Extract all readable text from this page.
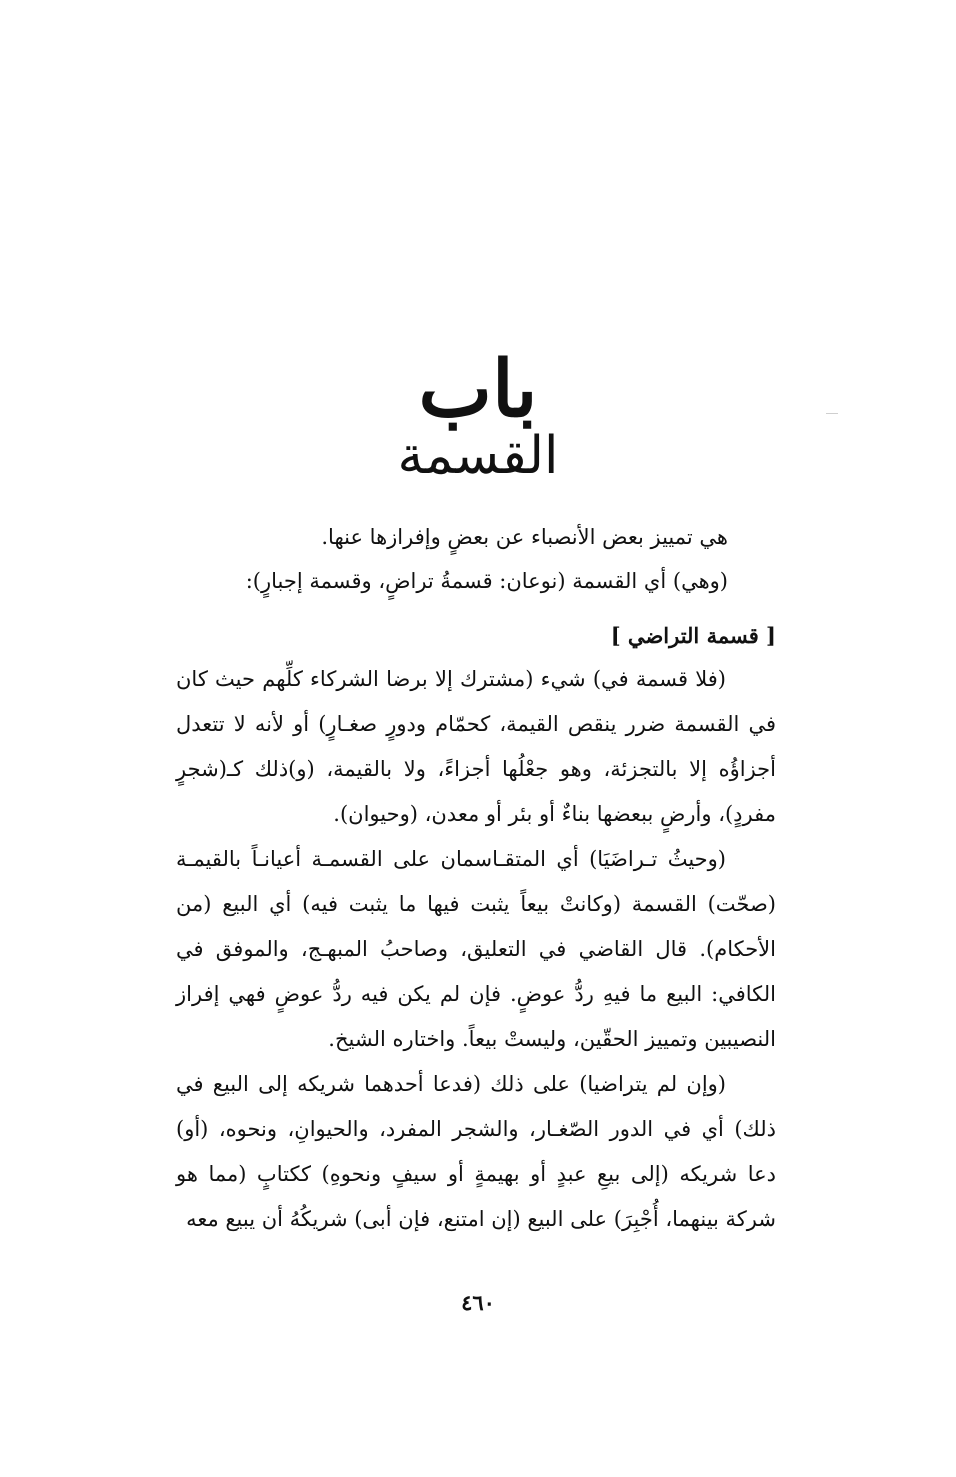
باب
القسمة
هي تمييز بعض الأنصباء عن بعضٍ وإفرازها عنها.
(وهي) أي القسمة (نوعان: قسمةُ تراضٍ، وقسمة إجبارٍ):
[ قسمة التراضي ]

(فلا قسمة في) شيء (مشترك إلا برضا الشركاء كلِّهم حيث كان في القسمة ضرر ينقص القيمة، كحمّام ودورٍ صغـارٍ) أو لأنه لا تتعدل أجزاؤُه إلا بالتجزئة، وهو جعْلُها أجزاءً، ولا بالقيمة، (و)ذلك كـ(شجرٍ مفردٍ)، وأرضٍ ببعضها بناءٌ أو بئر أو معدن، (وحيوان).

(وحيثُ تـراضَيَا) أي المتقـاسمان على القسمـة أعيانـاً بالقيمـة (صحّت) القسمة (وكانتْ بيعاً يثبت فيها ما يثبت فيه) أي البيع (من الأحكام). قال القاضي في التعليق، وصاحبُ المبهـج، والموفق في الكافي: البيع ما فيهِ ردُّ عوضٍ. فإن لم يكن فيه ردُّ عوضٍ فهي إفراز النصيبين وتمييز الحقّين، وليستْ بيعاً. واختاره الشيخ.

(وإن لم يتراضيا) على ذلك (فدعا أحدهما شريكه إلى البيع في ذلك) أي في الدور الصّغـار، والشجر المفرد، والحيوانِ، ونحوه، (أو) دعا شريكه (إلى بيعِ عبدٍ أو بهيمةٍ أو سيفٍ ونحوهِ) ككتابٍ (مما هو شركة بينهما، أُجْبِرَ) على البيع (إن امتنع، فإن أبى) شريكُهُ أن يبيع معه

٤٦٠
